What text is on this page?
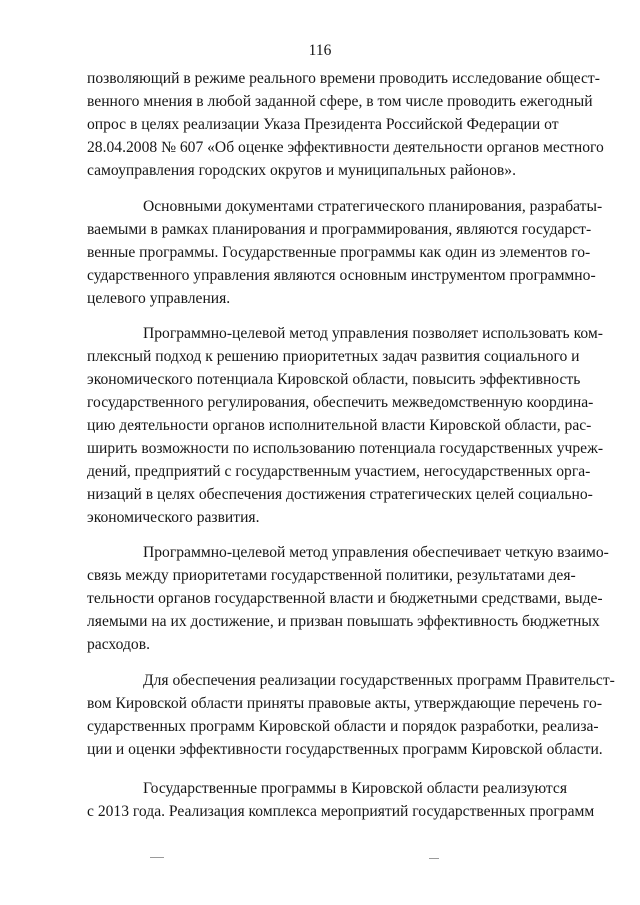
116
позволяющий в режиме реального времени проводить исследование общест-
венного мнения в любой заданной сфере, в том числе проводить ежегодный
опрос в целях реализации Указа Президента Российской Федерации от
28.04.2008 № 607 «Об оценке эффективности деятельности органов местного
самоуправления городских округов и муниципальных районов».
Основными документами стратегического планирования, разрабаты-
ваемыми в рамках планирования и программирования, являются государст-
венные программы. Государственные программы как один из элементов го-
сударственного управления являются основным инструментом программно-
целевого управления.
Программно-целевой метод управления позволяет использовать ком-
плексный подход к решению приоритетных задач развития социального и
экономического потенциала Кировской области, повысить эффективность
государственного регулирования, обеспечить межведомственную координа-
цию деятельности органов исполнительной власти Кировской области, рас-
ширить возможности по использованию потенциала государственных учреж-
дений, предприятий с государственным участием, негосударственных орга-
низаций в целях обеспечения достижения стратегических целей социально-
экономического развития.
Программно-целевой метод управления обеспечивает четкую взаимо-
связь между приоритетами государственной политики, результатами дея-
тельности органов государственной власти и бюджетными средствами, выде-
ляемыми на их достижение, и призван повышать эффективность бюджетных
расходов.
Для обеспечения реализации государственных программ Правительст-
вом Кировской области приняты правовые акты, утверждающие перечень го-
сударственных программ Кировской области и порядок разработки, реализа-
ции и оценки эффективности государственных программ Кировской области.
Государственные программы в Кировской области реализуются
с 2013 года. Реализация комплекса мероприятий государственных программ
